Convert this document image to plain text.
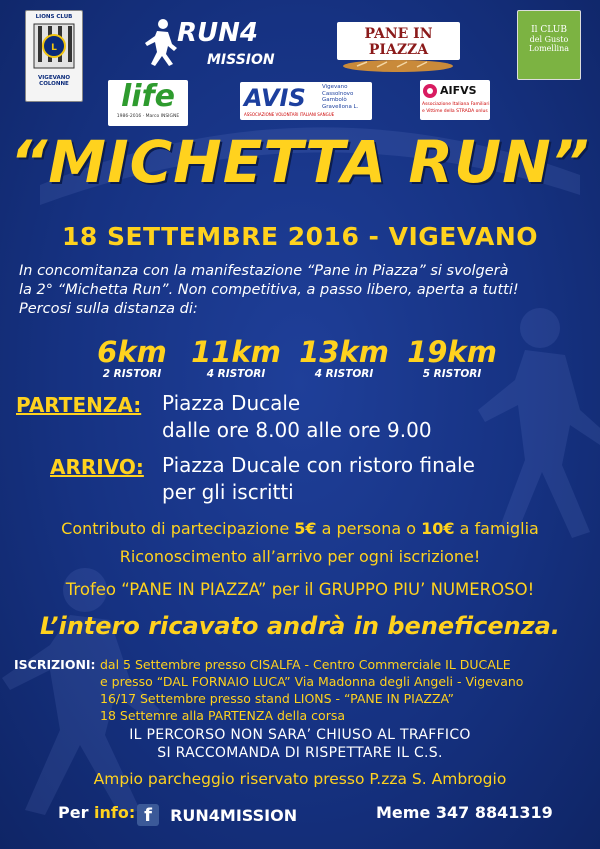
LIONS CLUB
L
VIGEVANO
COLONNE
RUN4
MISSION
PANE IN PIAZZA
Il CLUB
del Gusto
Lomellina
life
1986-2016 · Marco INSIGNE
AVIS	Vigevano
Cassolnovo
Gambolò
Gravellona L.
ASSOCIAZIONE VOLONTARI ITALIANI SANGUE
AIFVS
Associazione Italiana Familiari
e Vittime della STRADA onlus
“MICHETTA RUN”
18 SETTEMBRE 2016 - VIGEVANO
In concomitanza con la manifestazione “Pane in Piazza” si svolgerà
la 2° “Michetta Run”. Non competitiva, a passo libero, aperta a tutti!
Percosi sulla distanza di:
6km
2 RISTORI
11km
4 RISTORI
13km
4 RISTORI
19km
5 RISTORI
PARTENZA: Piazza Ducale
dalle ore 8.00 alle ore 9.00
ARRIVO: Piazza Ducale con ristoro finale
per gli iscritti
Contributo di partecipazione 5€ a persona o 10€ a famiglia
Riconoscimento all’arrivo per ogni iscrizione!
Trofeo “PANE IN PIAZZA” per il GRUPPO PIU’ NUMEROSO!
L’intero ricavato andrà in beneficenza.
ISCRIZIONI: dal 5 Settembre presso CISALFA - Centro Commerciale IL DUCALE
e presso “DAL FORNAIO LUCA” Via Madonna degli Angeli - Vigevano
16/17 Settembre presso stand LIONS - “PANE IN PIAZZA”
18 Settemre alla PARTENZA della corsa
IL PERCORSO NON SARA’ CHIUSO AL TRAFFICO
SI RACCOMANDA DI RISPETTARE IL C.S.
Ampio parcheggio riservato presso P.zza S. Ambrogio
Per info: f RUN4MISSION	Meme 347 8841319
